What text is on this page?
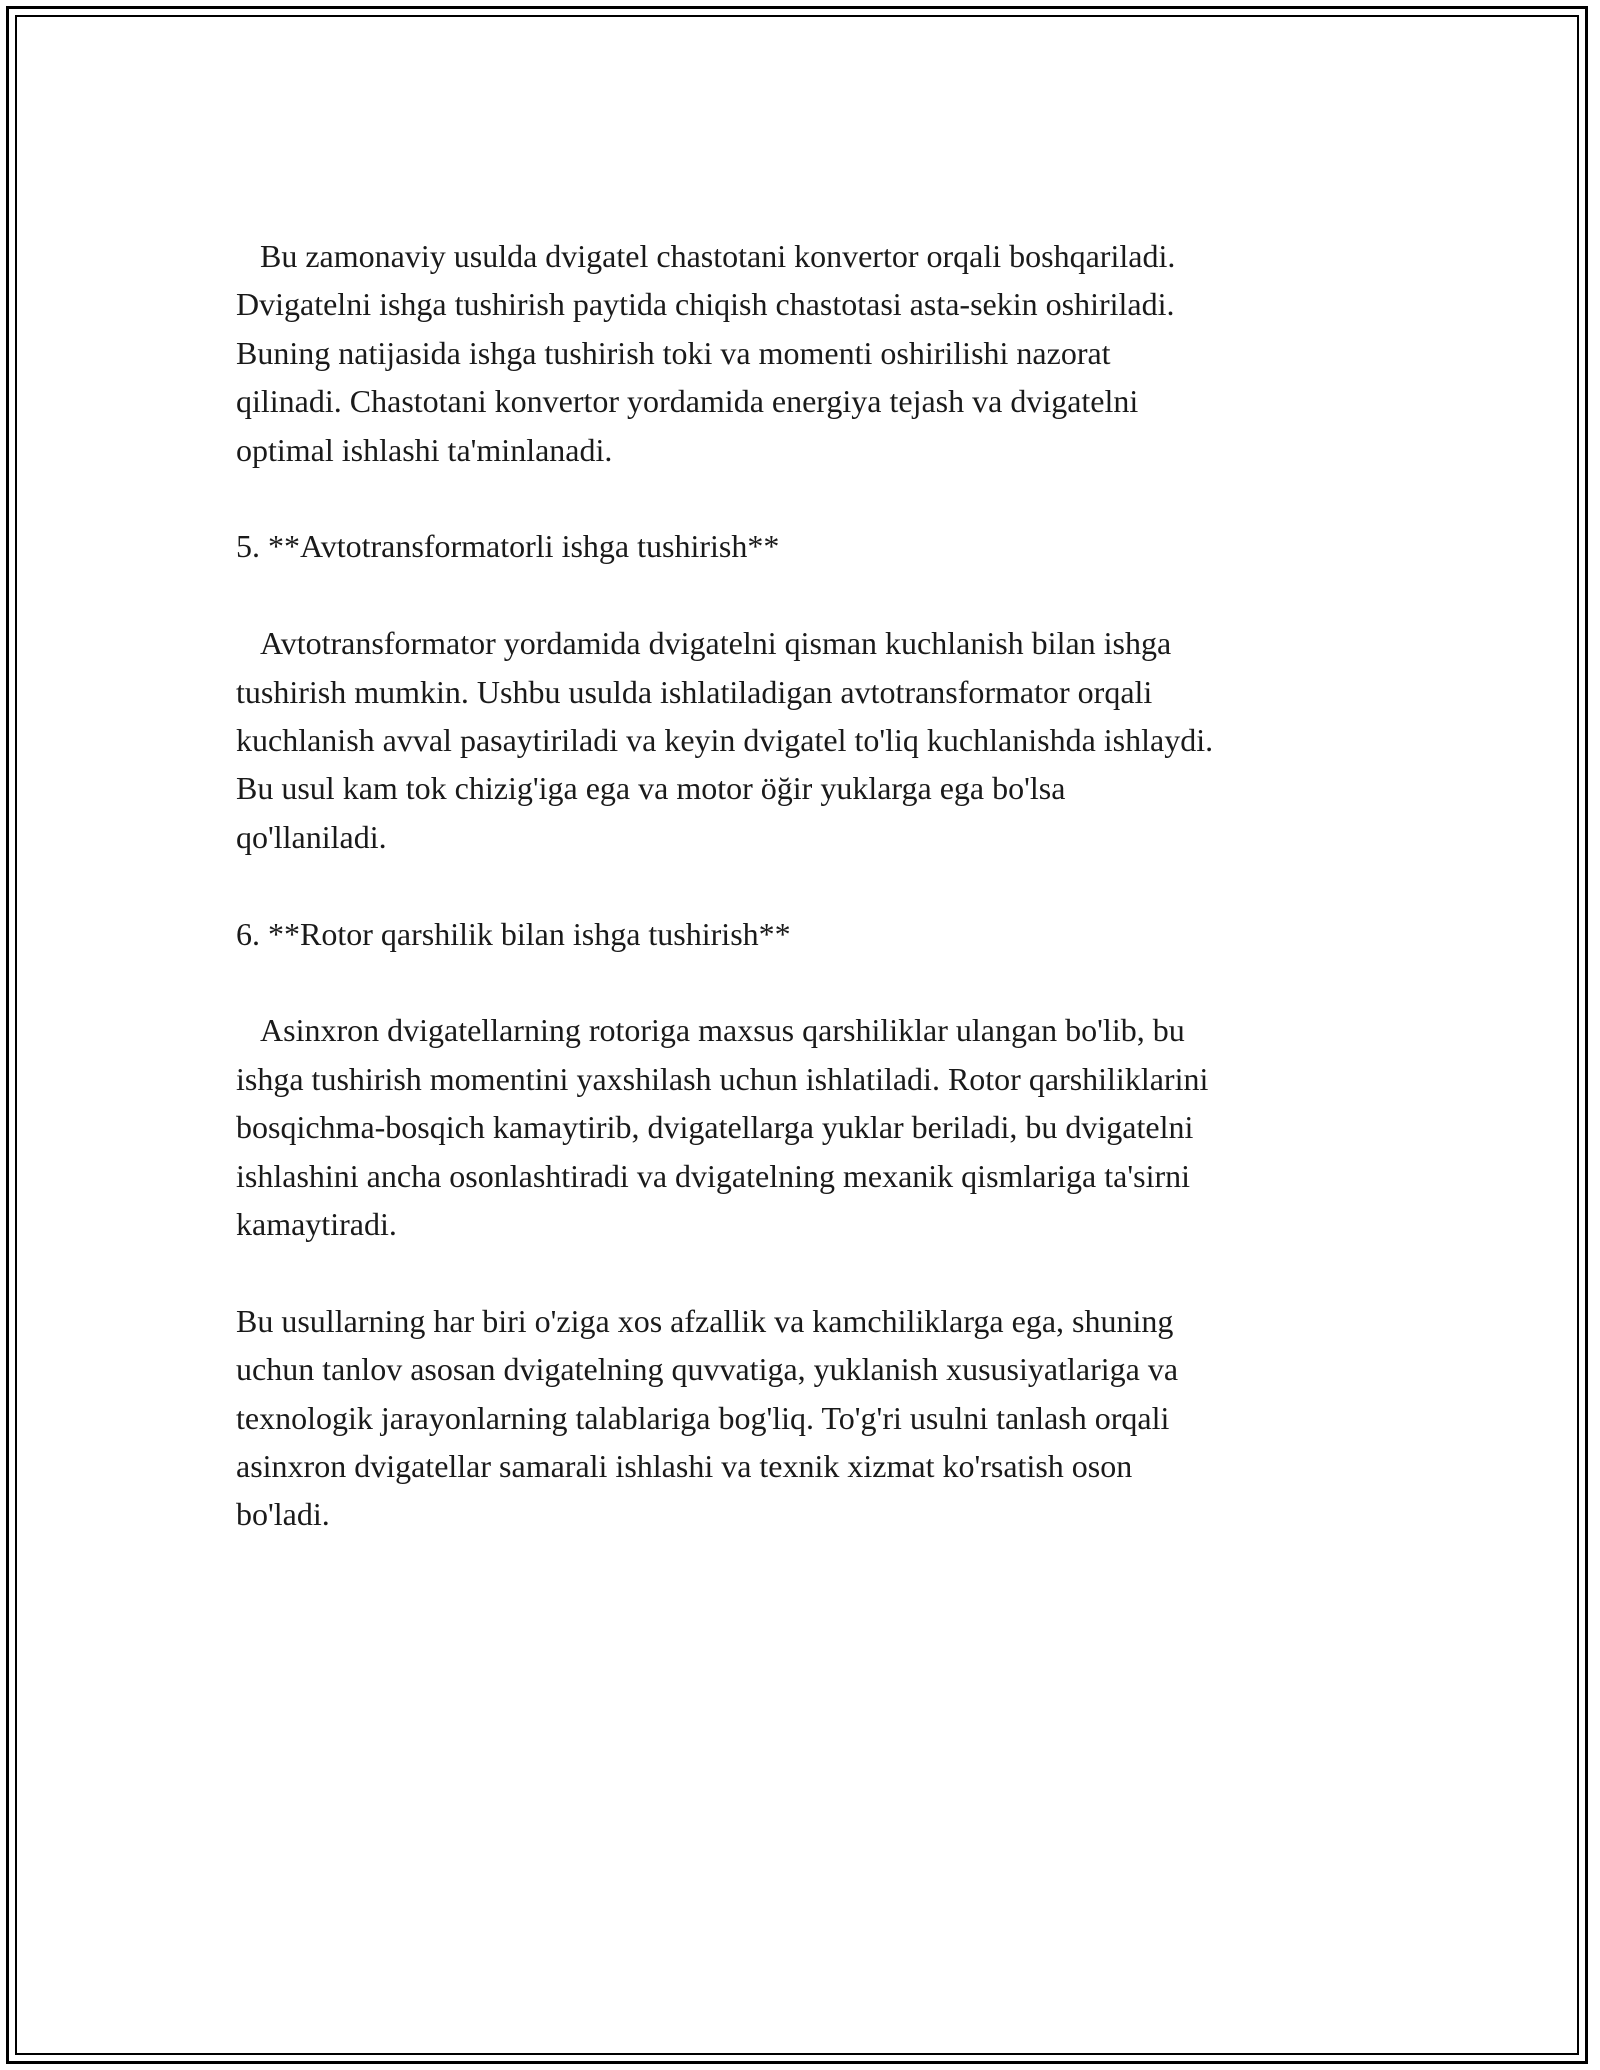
Bu zamonaviy usulda dvigatel chastotani konvertor orqali boshqariladi.
Dvigatelni ishga tushirish paytida chiqish chastotasi asta-sekin oshiriladi.
Buning natijasida ishga tushirish toki va momenti oshirilishi nazorat
qilinadi. Chastotani konvertor yordamida energiya tejash va dvigatelni
optimal ishlashi ta'minlanadi.
5. **Avtotransformatorli ishga tushirish**
Avtotransformator yordamida dvigatelni qisman kuchlanish bilan ishga
tushirish mumkin. Ushbu usulda ishlatiladigan avtotransformator orqali
kuchlanish avval pasaytiriladi va keyin dvigatel to'liq kuchlanishda ishlaydi.
Bu usul kam tok chizig'iga ega va motor öğir yuklarga ega bo'lsa
qo'llaniladi.
6. **Rotor qarshilik bilan ishga tushirish**
Asinxron dvigatellarning rotoriga maxsus qarshiliklar ulangan bo'lib, bu
ishga tushirish momentini yaxshilash uchun ishlatiladi. Rotor qarshiliklarini
bosqichma-bosqich kamaytirib, dvigatellarga yuklar beriladi, bu dvigatelni
ishlashini ancha osonlashtiradi va dvigatelning mexanik qismlariga ta'sirni
kamaytiradi.
Bu usullarning har biri o'ziga xos afzallik va kamchiliklarga ega, shuning
uchun tanlov asosan dvigatelning quvvatiga, yuklanish xususiyatlariga va
texnologik jarayonlarning talablariga bog'liq. To'g'ri usulni tanlash orqali
asinxron dvigatellar samarali ishlashi va texnik xizmat ko'rsatish oson
bo'ladi.
